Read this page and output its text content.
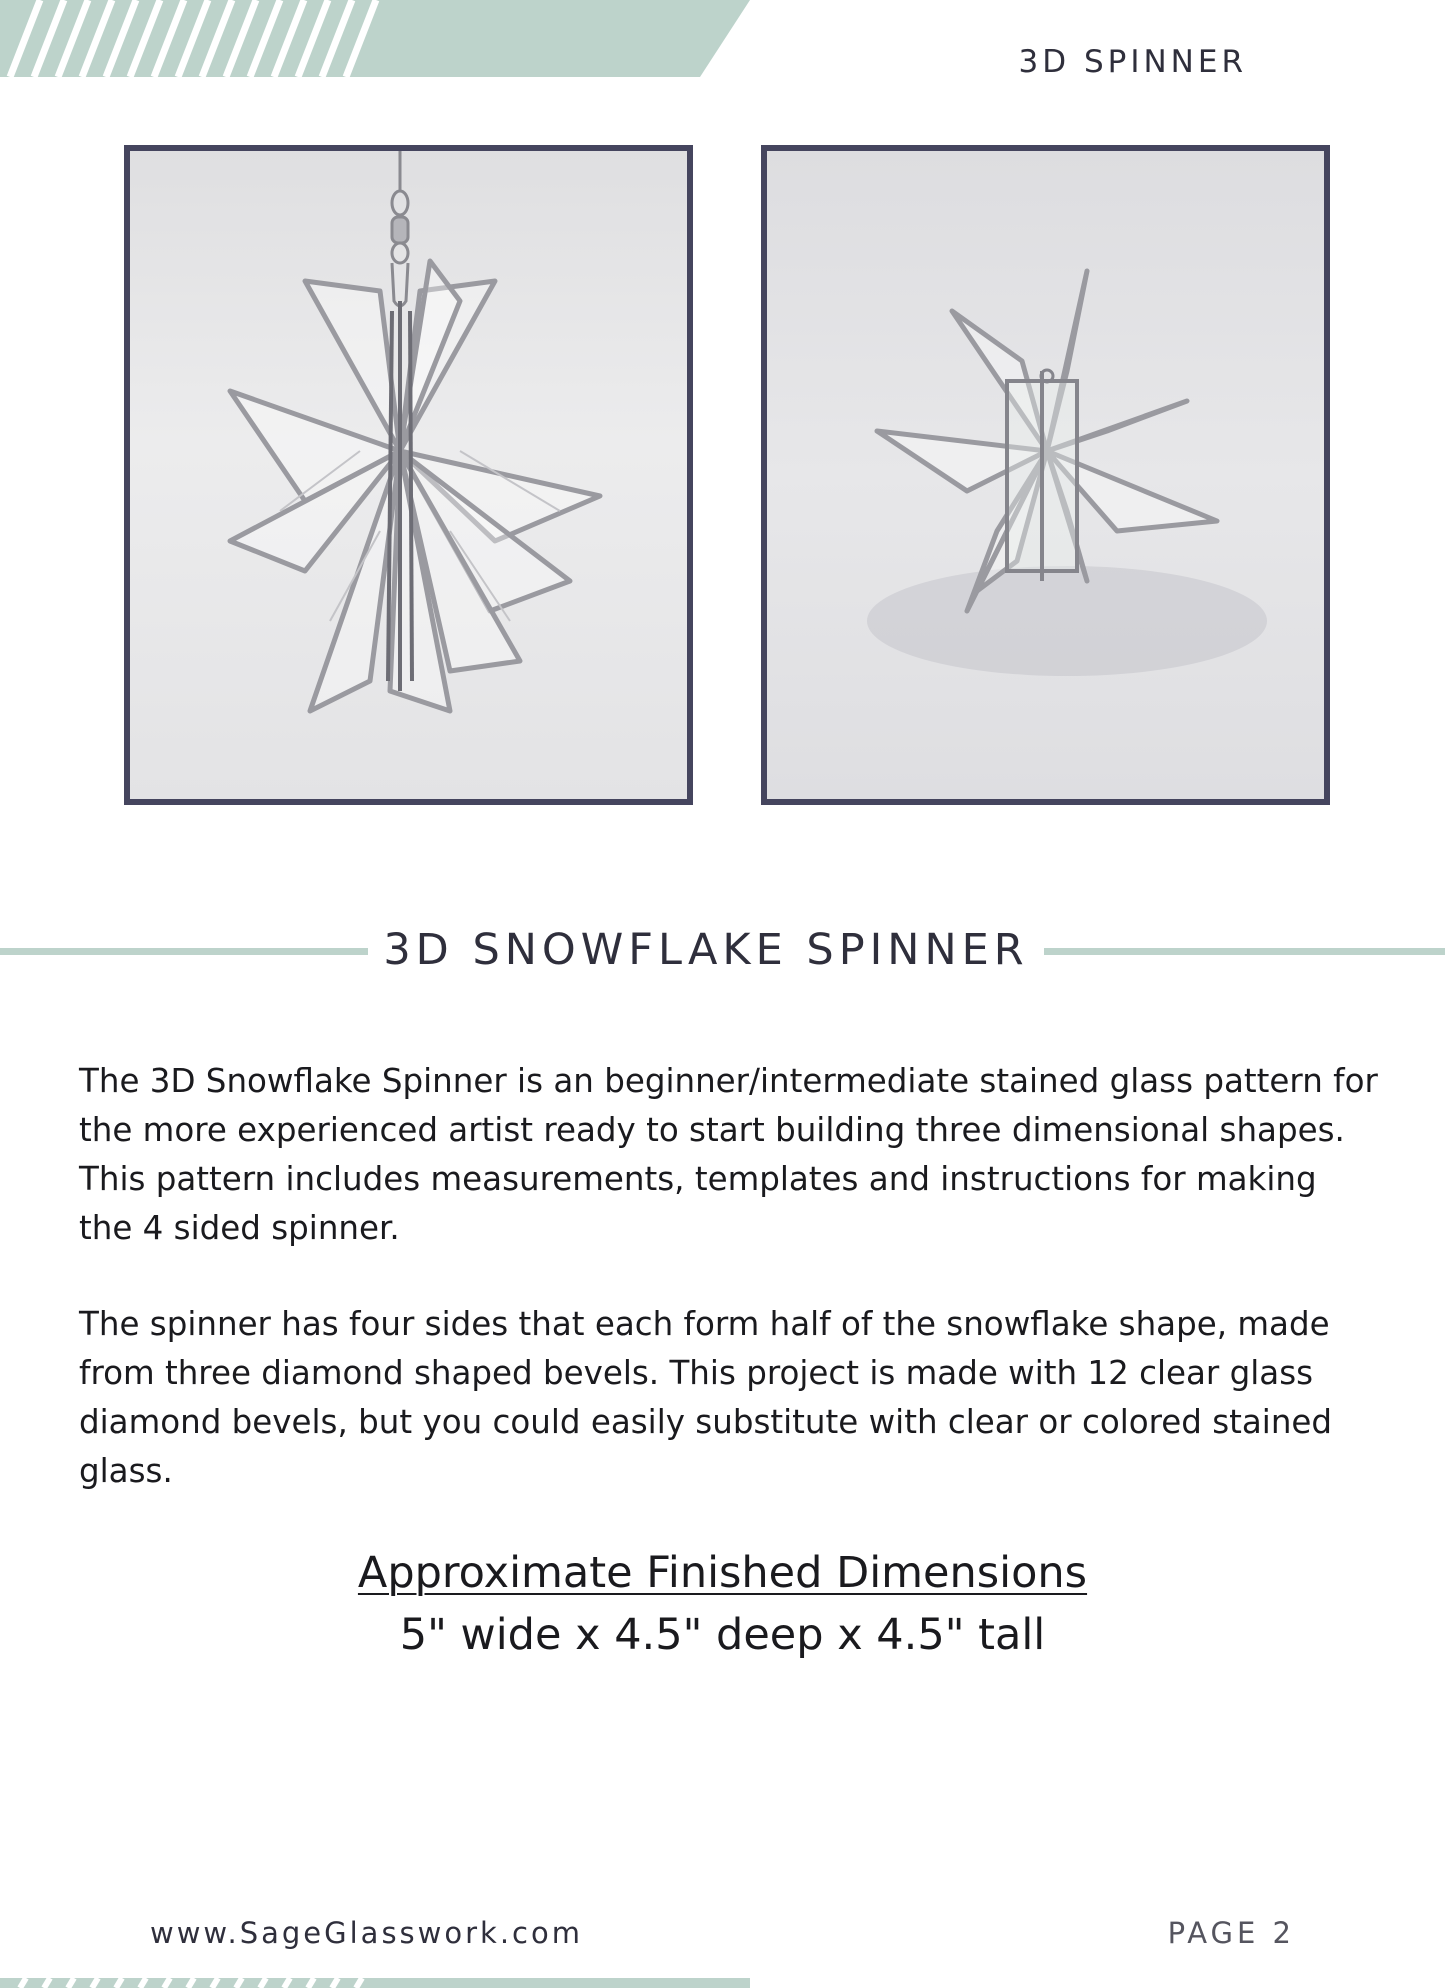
3D SPINNER
3D SNOWFLAKE SPINNER

The 3D Snowflake Spinner is an beginner/intermediate stained glass pattern for the more experienced artist ready to start building three dimensional shapes. This pattern includes measurements, templates and instructions for making the 4 sided spinner.

The spinner has four sides that each form half of the snowflake shape, made from three diamond shaped bevels. This project is made with 12 clear glass diamond bevels, but you could easily substitute with clear or colored stained glass.

Approximate Finished Dimensions
5" wide x 4.5" deep x 4.5" tall
www.SageGlasswork.com	PAGE 2
